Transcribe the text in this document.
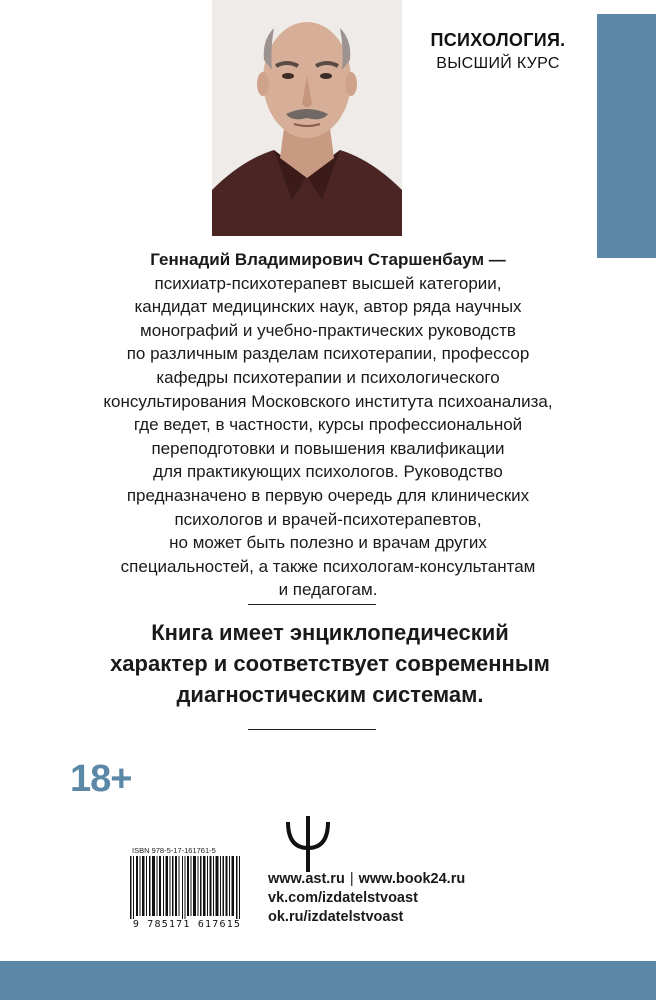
ПСИХОЛОГИЯ.
ВЫСШИЙ КУРС
Геннадий Владимирович Старшенбаум —
психиатр-психотерапевт высшей категории,
кандидат медицинских наук, автор ряда научных
монографий и учебно-практических руководств
по различным разделам психотерапии, профессор
кафедры психотерапии и психологического
консультирования Московского института психоанализа,
где ведет, в частности, курсы профессиональной
переподготовки и повышения квалификации
для практикующих психологов. Руководство
предназначено в первую очередь для клинических
психологов и врачей-психотерапевтов,
но может быть полезно и врачам других
специальностей, а также психологам-консультантам
и педагогам.
Книга имеет энциклопедический
характер и соответствует современным
диагностическим системам.
18+
ISBN 978-5-17-161761-5
9 785171 617615
www.ast.ru | www.book24.ru
vk.com/izdatelstvoast
ok.ru/izdatelstvoast
